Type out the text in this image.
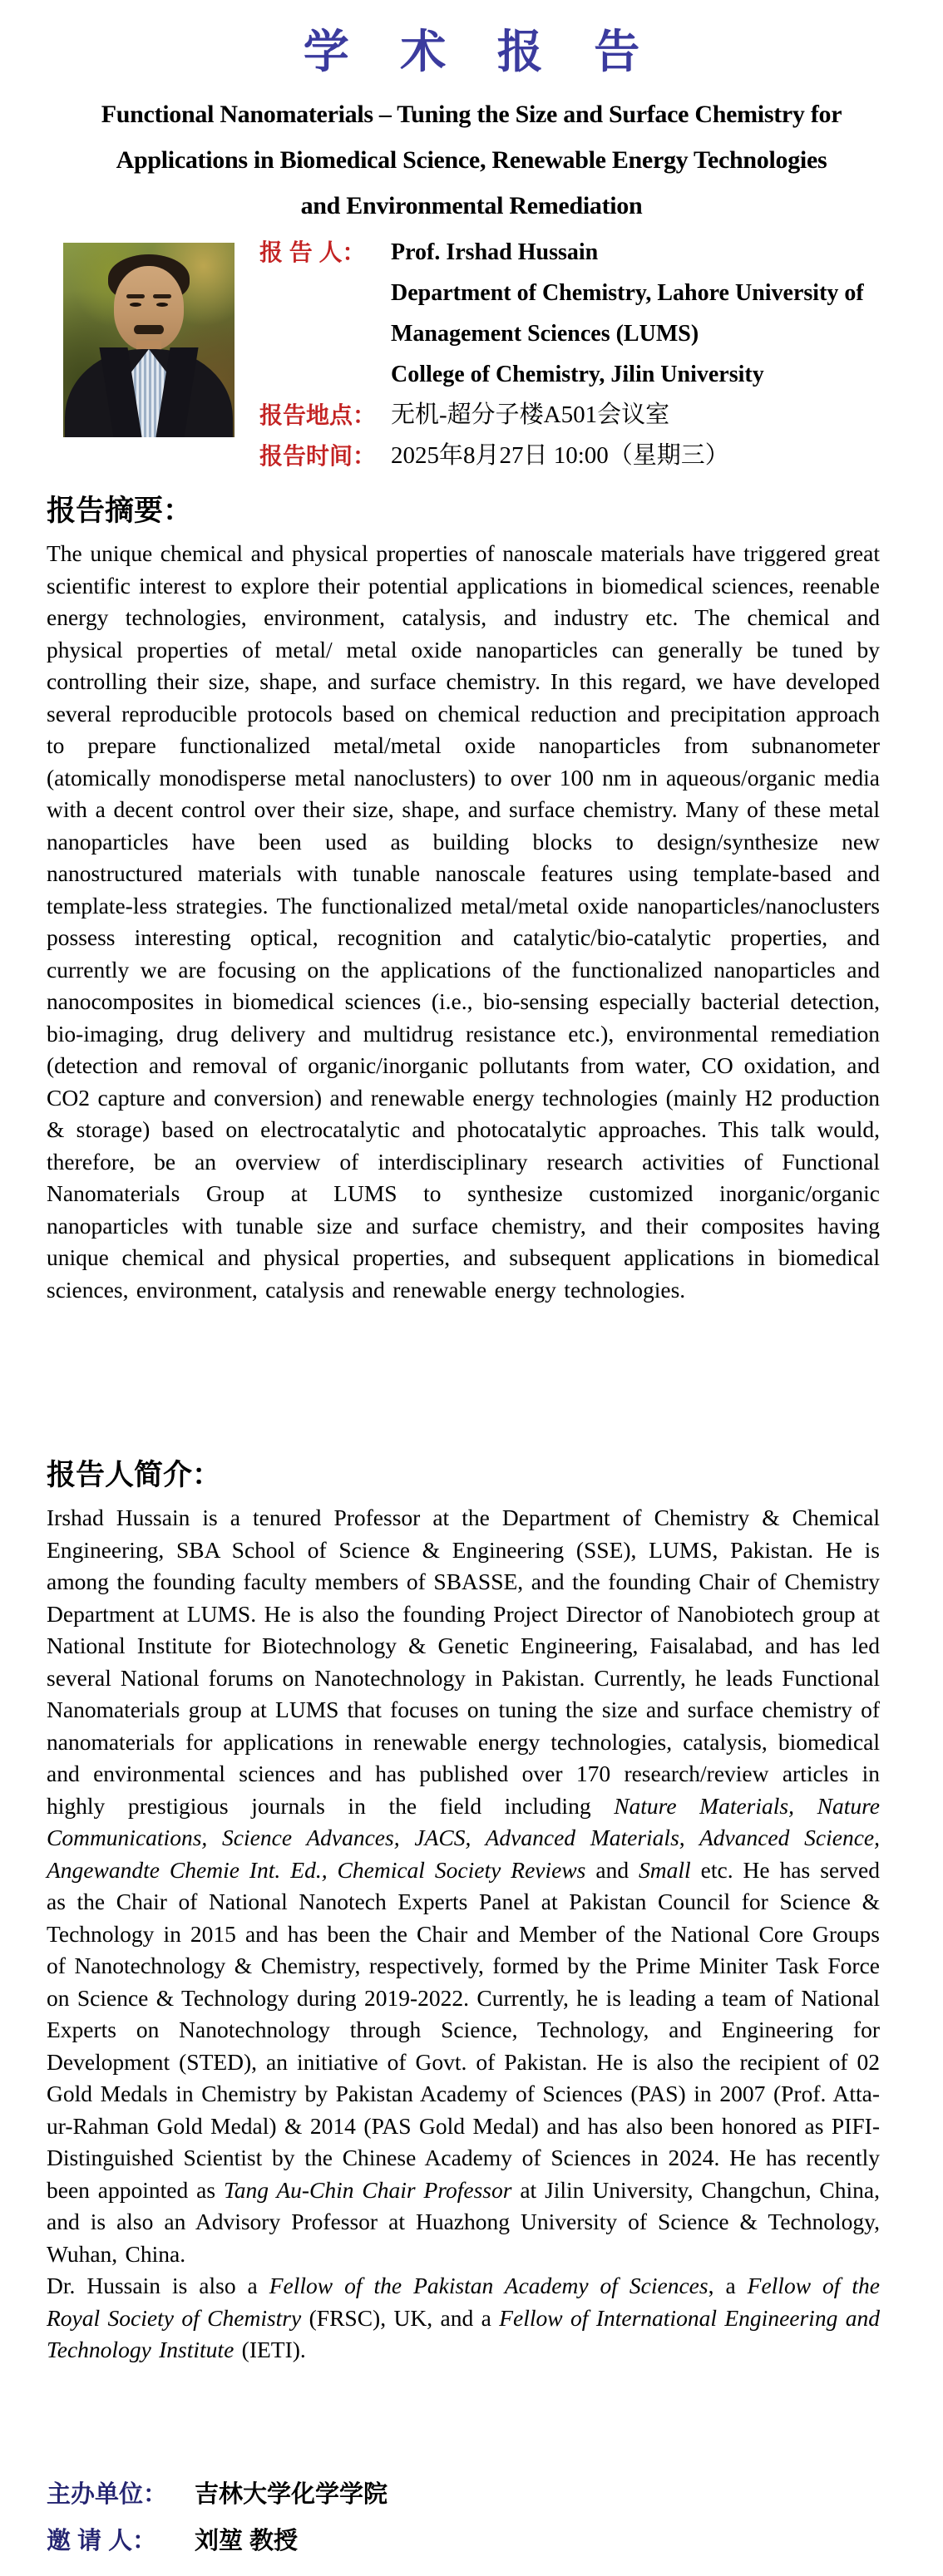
学 术 报 告
Functional Nanomaterials – Tuning the Size and Surface Chemistry for
Applications in Biomedical Science, Renewable Energy Technologies
and Environmental Remediation
报 告 人： Prof. Irshad Hussain
Department of Chemistry, Lahore University of
Management Sciences (LUMS)
College of Chemistry, Jilin University
报告地点： 无机-超分子楼A501会议室
报告时间： 2025年8月27日 10:00（星期三）
报告摘要：

The unique chemical and physical properties of nanoscale materials have triggered great scientific interest to explore their potential applications in biomedical sciences, reenable energy technologies, environment, catalysis, and industry etc. The chemical and physical properties of metal/ metal oxide nanoparticles can generally be tuned by controlling their size, shape, and surface chemistry. In this regard, we have developed several reproducible protocols based on chemical reduction and precipitation approach to prepare functionalized metal/metal oxide nanoparticles from subnanometer (atomically monodisperse metal nanoclusters) to over 100 nm in aqueous/organic media with a decent control over their size, shape, and surface chemistry. Many of these metal nanoparticles have been used as building blocks to design/synthesize new nanostructured materials with tunable nanoscale features using template-based and template-less strategies. The functionalized metal/metal oxide nanoparticles/nanoclusters possess interesting optical, recognition and catalytic/bio-catalytic properties, and currently we are focusing on the applications of the functionalized nanoparticles and nanocomposites in biomedical sciences (i.e., bio-sensing especially bacterial detection, bio-imaging, drug delivery and multidrug resistance etc.), environmental remediation (detection and removal of organic/inorganic pollutants from water, CO oxidation, and CO2 capture and conversion) and renewable energy technologies (mainly H2 production & storage) based on electrocatalytic and photocatalytic approaches. This talk would, therefore, be an overview of interdisciplinary research activities of Functional Nanomaterials Group at LUMS to synthesize customized inorganic/organic nanoparticles with tunable size and surface chemistry, and their composites having unique chemical and physical properties, and subsequent applications in biomedical sciences, environment, catalysis and renewable energy technologies.

报告人简介：

Irshad Hussain is a tenured Professor at the Department of Chemistry & Chemical Engineering, SBA School of Science & Engineering (SSE), LUMS, Pakistan. He is among the founding faculty members of SBASSE, and the founding Chair of Chemistry Department at LUMS. He is also the founding Project Director of Nanobiotech group at National Institute for Biotechnology & Genetic Engineering, Faisalabad, and has led several National forums on Nanotechnology in Pakistan. Currently, he leads Functional Nanomaterials group at LUMS that focuses on tuning the size and surface chemistry of nanomaterials for applications in renewable energy technologies, catalysis, biomedical and environmental sciences and has published over 170 research/review articles in highly prestigious journals in the field including Nature Materials, Nature Communications, Science Advances, JACS, Advanced Materials, Advanced Science, Angewandte Chemie Int. Ed., Chemical Society Reviews and Small etc. He has served as the Chair of National Nanotech Experts Panel at Pakistan Council for Science & Technology in 2015 and has been the Chair and Member of the National Core Groups of Nanotechnology & Chemistry, respectively, formed by the Prime Miniter Task Force on Science & Technology during 2019-2022. Currently, he is leading a team of National Experts on Nanotechnology through Science, Technology, and Engineering for Development (STED), an initiative of Govt. of Pakistan. He is also the recipient of 02 Gold Medals in Chemistry by Pakistan Academy of Sciences (PAS) in 2007 (Prof. Atta-ur-Rahman Gold Medal) & 2014 (PAS Gold Medal) and has also been honored as PIFI-Distinguished Scientist by the Chinese Academy of Sciences in 2024. He has recently been appointed as Tang Au-Chin Chair Professor at Jilin University, Changchun, China, and is also an Advisory Professor at Huazhong University of Science & Technology, Wuhan, China.

Dr. Hussain is also a Fellow of the Pakistan Academy of Sciences, a Fellow of the Royal Society of Chemistry (FRSC), UK, and a Fellow of International Engineering and Technology Institute (IETI).

主办单位： 吉林大学化学学院
邀 请 人： 刘堃 教授
